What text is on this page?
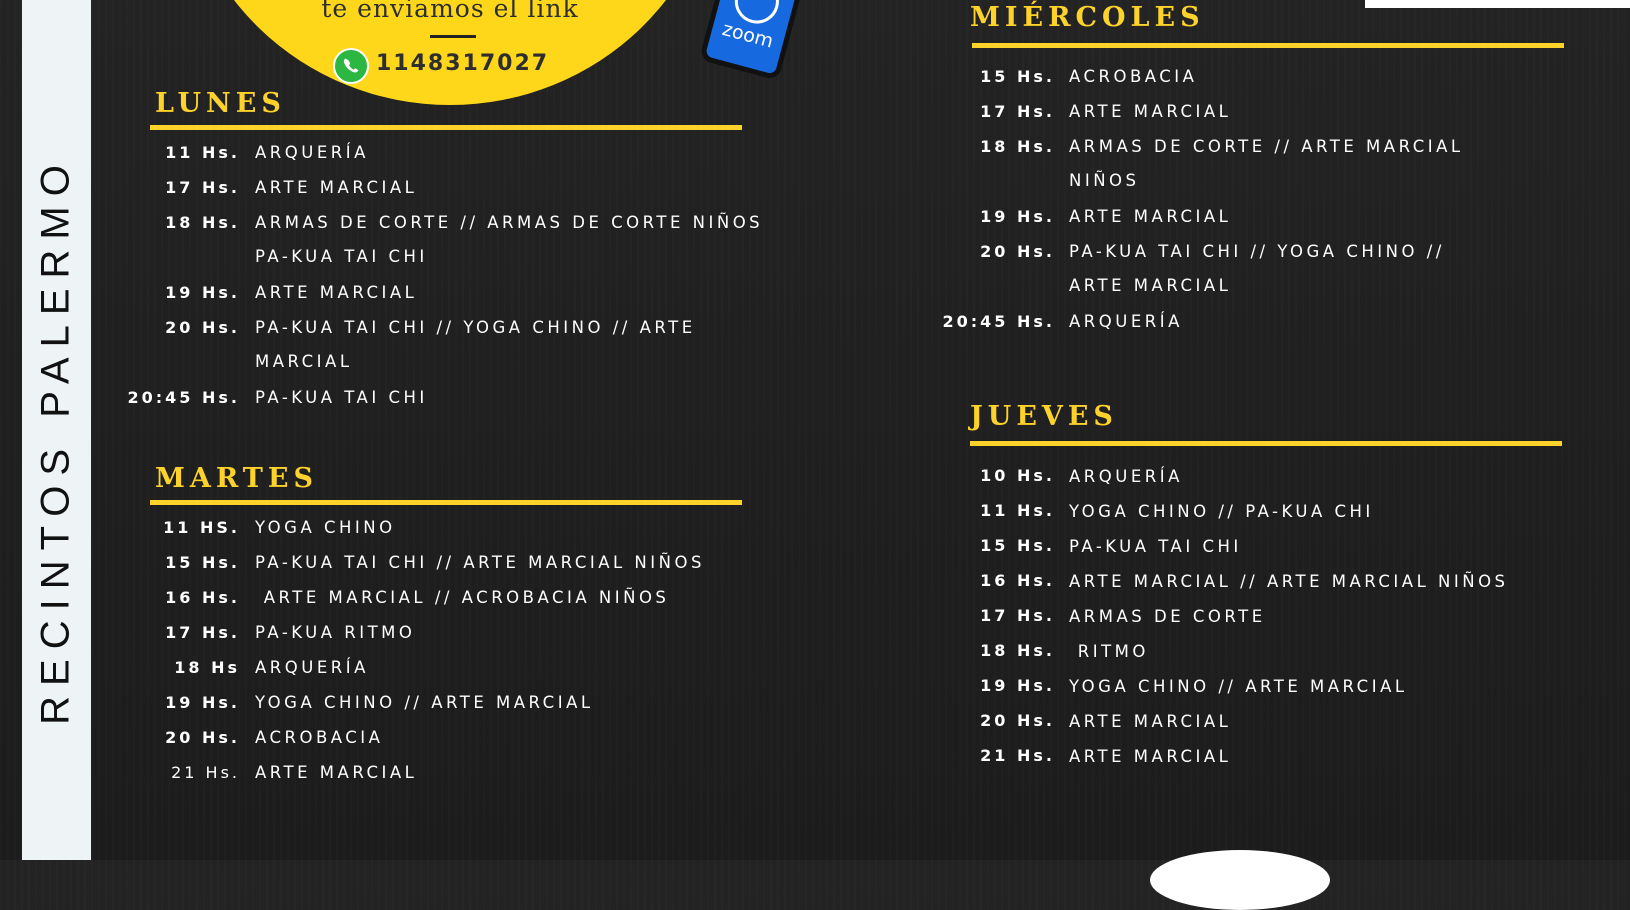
RECINTOS PALERMO
te enviamos el link
1148317027
zoom
LUNES
11 Hs. ARQUERÍA
17 Hs. ARTE MARCIAL
18 Hs. ARMAS DE CORTE // ARMAS DE CORTE NIÑOS
PA-KUA TAI CHI
19 Hs. ARTE MARCIAL
20 Hs. PA-KUA TAI CHI // YOGA CHINO // ARTE
MARCIAL
20:45 Hs. PA-KUA TAI CHI
MARTES
11 HS. YOGA CHINO
15 Hs. PA-KUA TAI CHI // ARTE MARCIAL NIÑOS
16 Hs. ARTE MARCIAL // ACROBACIA NIÑOS
17 Hs. PA-KUA RITMO
18 Hs ARQUERÍA
19 Hs. YOGA CHINO // ARTE MARCIAL
20 Hs. ACROBACIA
21 Hs. ARTE MARCIAL
MIÉRCOLES
15 Hs. ACROBACIA
17 Hs. ARTE MARCIAL
18 Hs. ARMAS DE CORTE // ARTE MARCIAL
NIÑOS
19 Hs. ARTE MARCIAL
20 Hs. PA-KUA TAI CHI // YOGA CHINO //
ARTE MARCIAL
20:45 Hs. ARQUERÍA
JUEVES
10 Hs. ARQUERÍA
11 Hs. YOGA CHINO // PA-KUA CHI
15 Hs. PA-KUA TAI CHI
16 Hs. ARTE MARCIAL // ARTE MARCIAL NIÑOS
17 Hs. ARMAS DE CORTE
18 Hs. RITMO
19 Hs. YOGA CHINO // ARTE MARCIAL
20 Hs. ARTE MARCIAL
21 Hs. ARTE MARCIAL
